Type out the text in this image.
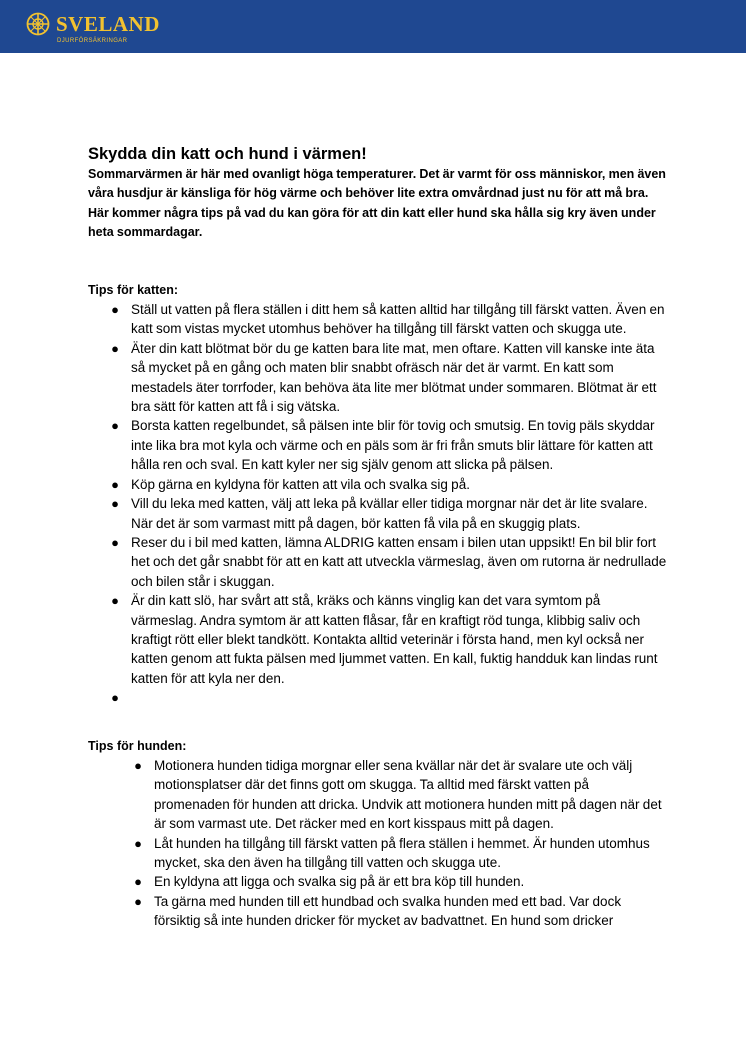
SVELAND
DJURFÖRSÄKRINGAR
Skydda din katt och hund i värmen!

Sommarvärmen är här med ovanligt höga temperaturer. Det är varmt för oss människor, men även våra husdjur är känsliga för hög värme och behöver lite extra omvårdnad just nu för att må bra. Här kommer några tips på vad du kan göra för att din katt eller hund ska hålla sig kry även under heta sommardagar.

Tips för katten:

● Ställ ut vatten på flera ställen i ditt hem så katten alltid har tillgång till färskt vatten. Även en katt som vistas mycket utomhus behöver ha tillgång till färskt vatten och skugga ute.
● Äter din katt blötmat bör du ge katten bara lite mat, men oftare. Katten vill kanske inte äta så mycket på en gång och maten blir snabbt ofräsch när det är varmt. En katt som mestadels äter torrfoder, kan behöva äta lite mer blötmat under sommaren. Blötmat är ett bra sätt för katten att få i sig vätska.
● Borsta katten regelbundet, så pälsen inte blir för tovig och smutsig. En tovig päls skyddar inte lika bra mot kyla och värme och en päls som är fri från smuts blir lättare för katten att hålla ren och sval. En katt kyler ner sig själv genom att slicka på pälsen.
● Köp gärna en kyldyna för katten att vila och svalka sig på.
● Vill du leka med katten, välj att leka på kvällar eller tidiga morgnar när det är lite svalare. När det är som varmast mitt på dagen, bör katten få vila på en skuggig plats.
● Reser du i bil med katten, lämna ALDRIG katten ensam i bilen utan uppsikt! En bil blir fort het och det går snabbt för att en katt att utveckla värmeslag, även om rutorna är nedrullade och bilen står i skuggan.
● Är din katt slö, har svårt att stå, kräks och känns vinglig kan det vara symtom på värmeslag. Andra symtom är att katten flåsar, får en kraftigt röd tunga, klibbig saliv och kraftigt rött eller blekt tandkött. Kontakta alltid veterinär i första hand, men kyl också ner katten genom att fukta pälsen med ljummet vatten. En kall, fuktig handduk kan lindas runt katten för att kyla ner den.
●

Tips för hunden:

● Motionera hunden tidiga morgnar eller sena kvällar när det är svalare ute och välj motionsplatser där det finns gott om skugga. Ta alltid med färskt vatten på promenaden för hunden att dricka. Undvik att motionera hunden mitt på dagen när det är som varmast ute. Det räcker med en kort kisspaus mitt på dagen.
● Låt hunden ha tillgång till färskt vatten på flera ställen i hemmet. Är hunden utomhus mycket, ska den även ha tillgång till vatten och skugga ute.
● En kyldyna att ligga och svalka sig på är ett bra köp till hunden.
● Ta gärna med hunden till ett hundbad och svalka hunden med ett bad. Var dock försiktig så inte hunden dricker för mycket av badvattnet. En hund som dricker
